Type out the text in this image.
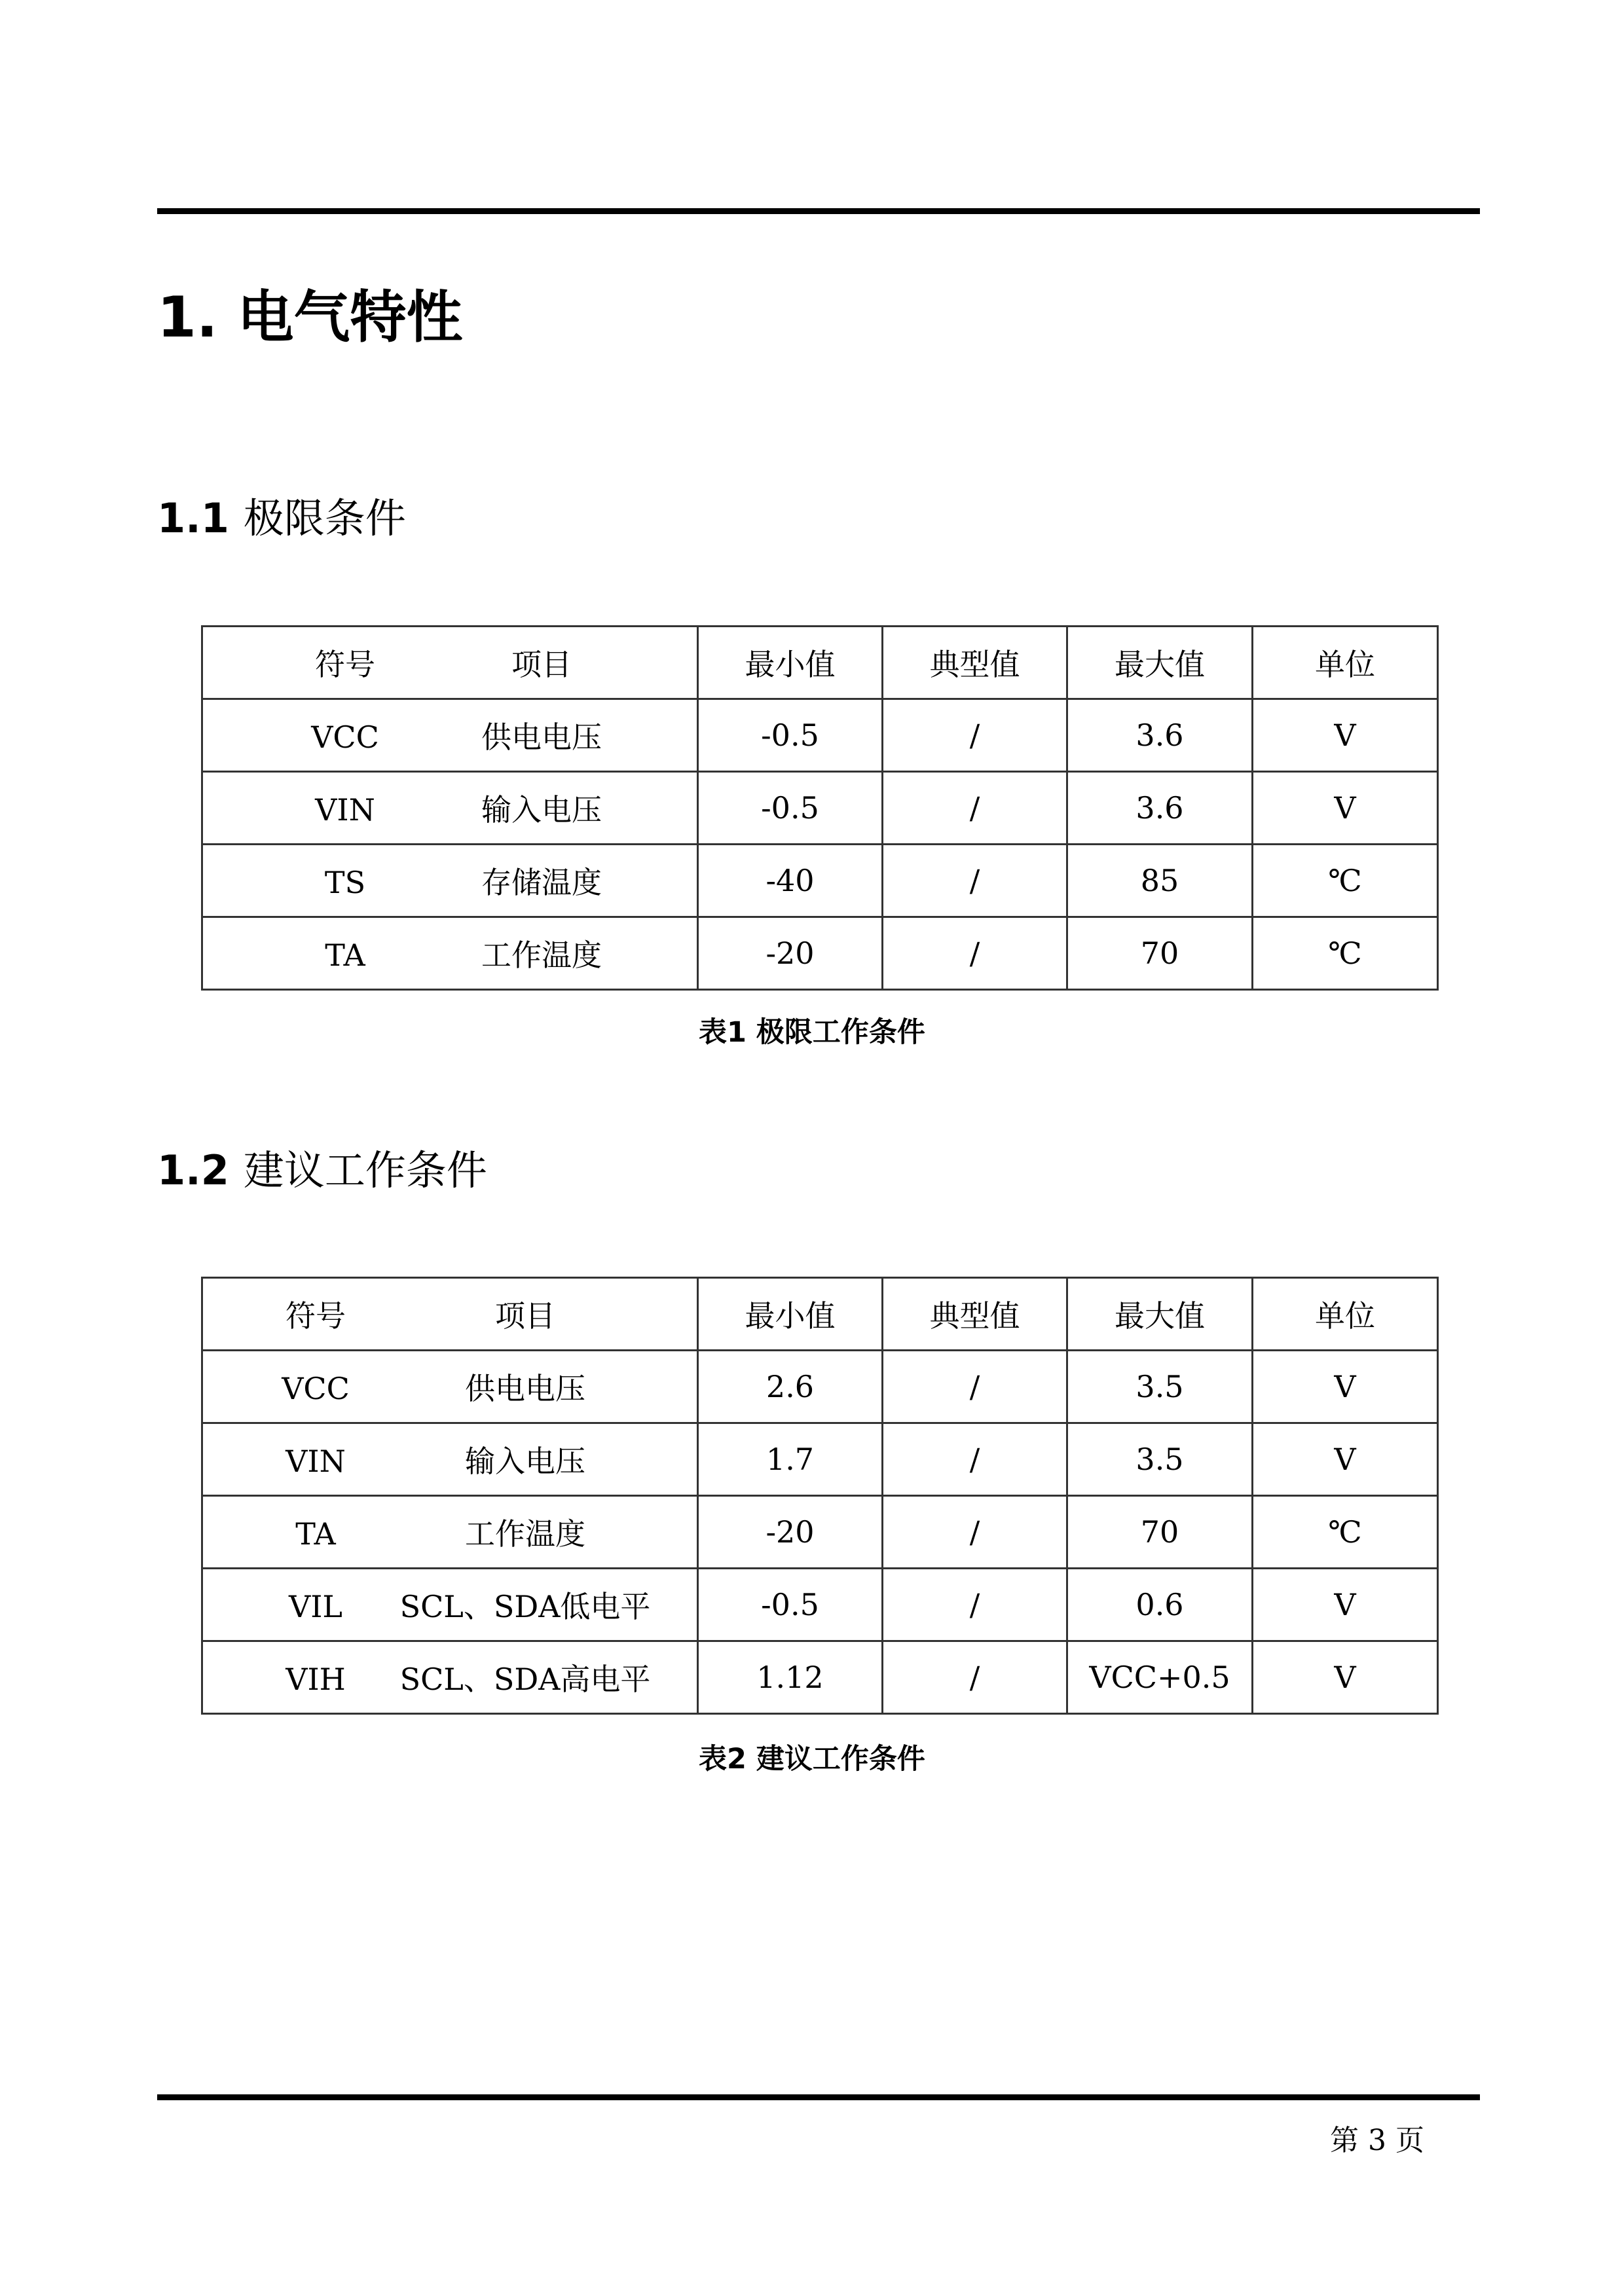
1. 电气特性
1.1 极限条件
符号 项目	最小值	典型值	最大值	单位
VCC 供电电压	-0.5	/	3.6	V
VIN 输入电压	-0.5	/	3.6	V
TS 存储温度	-40	/	85	℃
TA 工作温度	-20	/	70	℃
表1 极限工作条件
1.2 建议工作条件
符号 项目	最小值	典型值	最大值	单位
VCC 供电电压	2.6	/	3.5	V
VIN 输入电压	1.7	/	3.5	V
TA 工作温度	-20	/	70	℃
VIL SCL、SDA低电平	-0.5	/	0.6	V
VIH SCL、SDA高电平	1.12	/	VCC+0.5	V
表2 建议工作条件
第 3 页
